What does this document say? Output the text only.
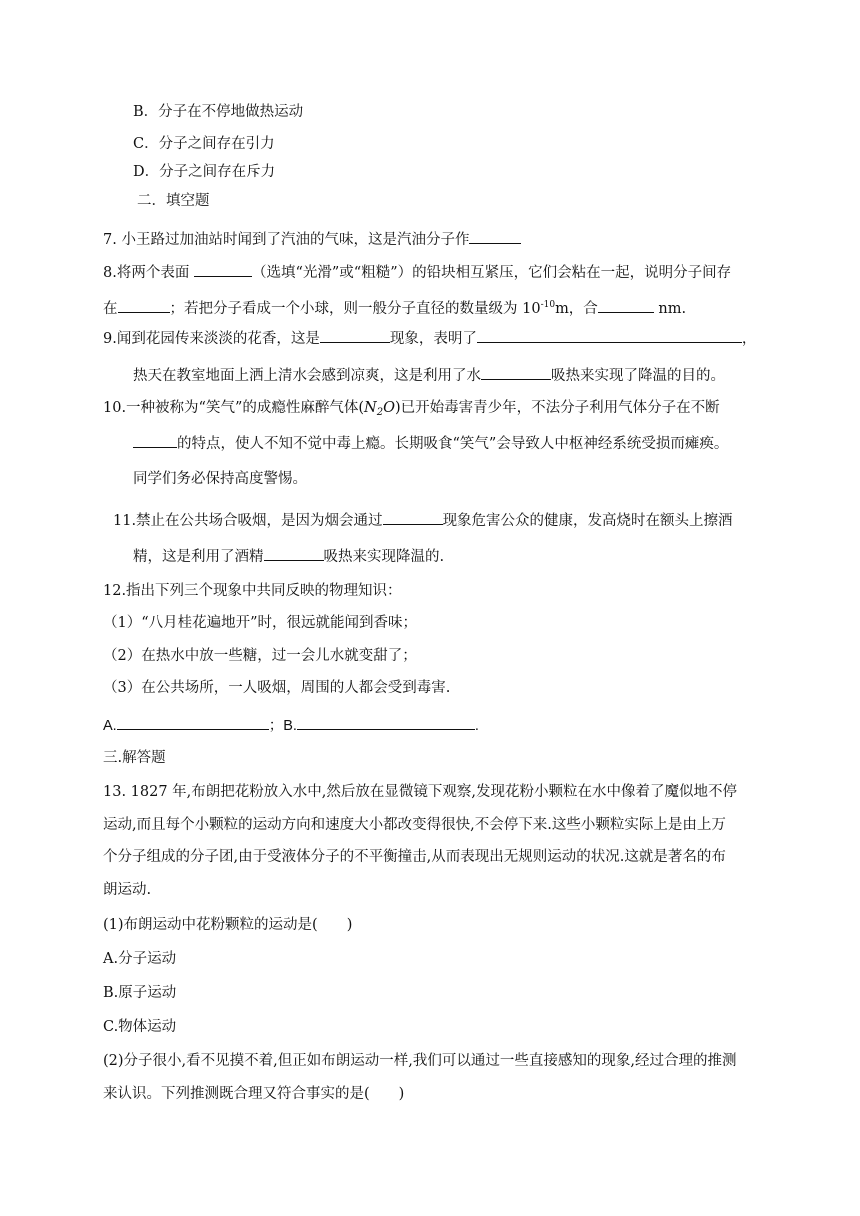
B．分子在不停地做热运动
C．分子之间存在引力
D．分子之间存在斥力
二．填空题
7. 小王路过加油站时闻到了汽油的气味，这是汽油分子作
8.将两个表面	（选填“光滑”或“粗糙”）的铅块相互紧压，它们会粘在一起，说明分子间存
在	；若把分子看成一个小球，则一般分子直径的数量级为 $10^{-10}m$，合	nm.
9.闻到花园传来淡淡的花香，这是	现象，表明了	，
热天在教室地面上洒上清水会感到凉爽，这是利用了水	吸热来实现了降温的目的。
10.一种被称为“笑气”的成瘾性麻醉气体$(N_2O)$已开始毒害青少年，不法分子利用气体分子在不断
的特点，使人不知不觉中毒上瘾。长期吸食“笑气”会导致人中枢神经系统受损而瘫痪。
同学们务必保持高度警惕。
11.禁止在公共场合吸烟，是因为烟会通过	现象危害公众的健康，发高烧时在额头上擦酒
精，这是利用了酒精	吸热来实现降温的.
12.指出下列三个现象中共同反映的物理知识：
（1）“八月桂花遍地开”时，很远就能闻到香味；
（2）在热水中放一些糖，过一会儿水就变甜了；
（3）在公共场所，一人吸烟，周围的人都会受到毒害.
A.	；B.	.
三.解答题
13. 1827 年,布朗把花粉放入水中,然后放在显微镜下观察,发现花粉小颗粒在水中像着了魔似地不停
运动,而且每个小颗粒的运动方向和速度大小都改变得很快,不会停下来.这些小颗粒实际上是由上万
个分子组成的分子团,由于受液体分子的不平衡撞击,从而表现出无规则运动的状况.这就是著名的布
朗运动.
(1)布朗运动中花粉颗粒的运动是(　　)
A.分子运动
B.原子运动
C.物体运动
(2)分子很小,看不见摸不着,但正如布朗运动一样,我们可以通过一些直接感知的现象,经过合理的推测
来认识。下列推测既合理又符合事实的是(　　)
